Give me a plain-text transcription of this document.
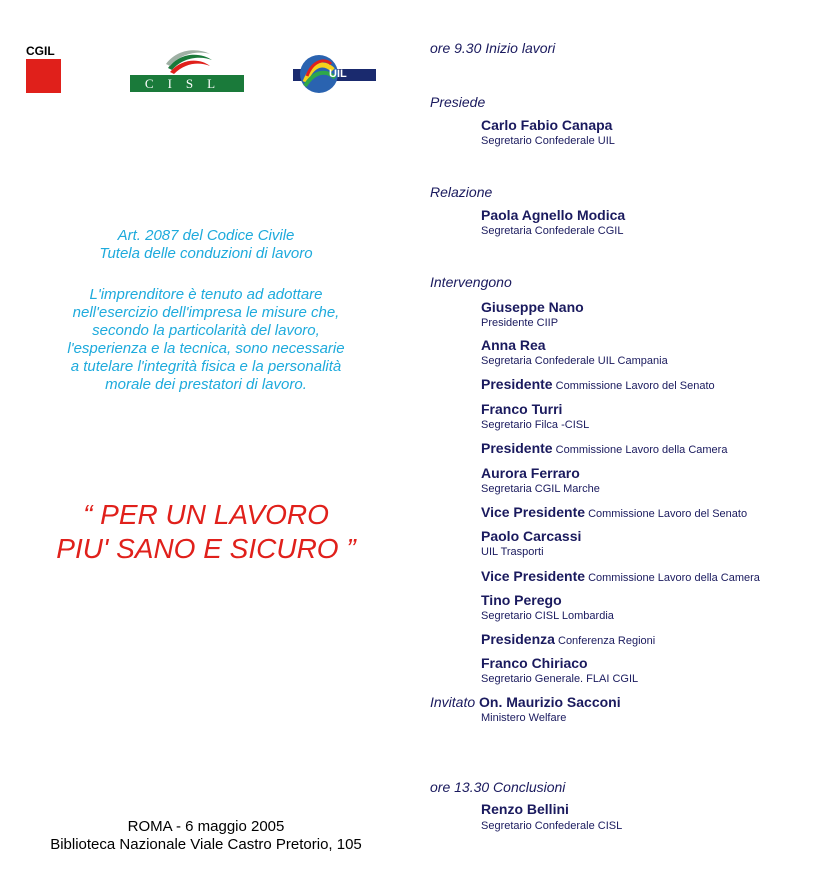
CGIL
CISL
UIL
Art. 2087 del Codice Civile
Tutela delle conduzioni di lavoro
L'imprenditore è tenuto ad adottare
nell'esercizio dell'impresa le misure che,
secondo la particolarità del lavoro,
l'esperienza e la tecnica, sono necessarie
a tutelare l'integrità fisica e la personalità
morale dei prestatori di lavoro.
“ PER UN LAVORO
PIU' SANO E SICURO ”
ROMA - 6 maggio 2005
Biblioteca Nazionale Viale Castro Pretorio, 105
ore 9.30 Inizio lavori
Presiede
Carlo Fabio Canapa
Segretario Confederale UIL
Relazione
Paola Agnello Modica
Segretaria Confederale CGIL
Intervengono
Giuseppe Nano
Presidente CIIP
Anna Rea
Segretaria Confederale UIL Campania
Presidente Commissione Lavoro del Senato
Franco Turri
Segretario Filca -CISL
Presidente Commissione Lavoro della Camera
Aurora Ferraro
Segretaria CGIL Marche
Vice Presidente Commissione Lavoro del Senato
Paolo Carcassi
UIL Trasporti
Vice Presidente Commissione Lavoro della Camera
Tino Perego
Segretario CISL Lombardia
Presidenza Conferenza Regioni
Franco Chiriaco
Segretario Generale. FLAI CGIL
Invitato On. Maurizio Sacconi
Ministero Welfare
ore 13.30 Conclusioni
Renzo Bellini
Segretario Confederale CISL
